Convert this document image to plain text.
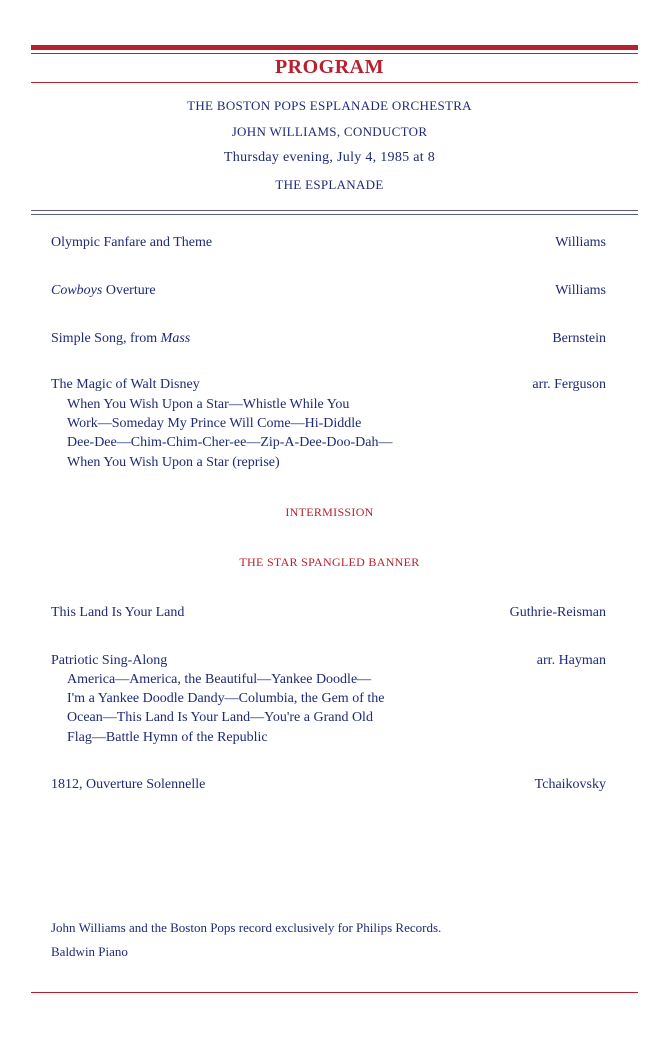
PROGRAM
THE BOSTON POPS ESPLANADE ORCHESTRA
JOHN WILLIAMS, CONDUCTOR
Thursday evening, July 4, 1985 at 8
THE ESPLANADE
Olympic Fanfare and Theme	Williams
Cowboys Overture	Williams
Simple Song, from Mass	Bernstein
The Magic of Walt Disney	arr. Ferguson
When You Wish Upon a Star—Whistle While You
Work—Someday My Prince Will Come—Hi-Diddle
Dee-Dee—Chim-Chim-Cher-ee—Zip-A-Dee-Doo-Dah—
When You Wish Upon a Star (reprise)
INTERMISSION
THE STAR SPANGLED BANNER
This Land Is Your Land	Guthrie-Reisman
Patriotic Sing-Along	arr. Hayman
America—America, the Beautiful—Yankee Doodle—
I'm a Yankee Doodle Dandy—Columbia, the Gem of the
Ocean—This Land Is Your Land—You're a Grand Old
Flag—Battle Hymn of the Republic
1812, Ouverture Solennelle	Tchaikovsky
John Williams and the Boston Pops record exclusively for Philips Records.
Baldwin Piano
